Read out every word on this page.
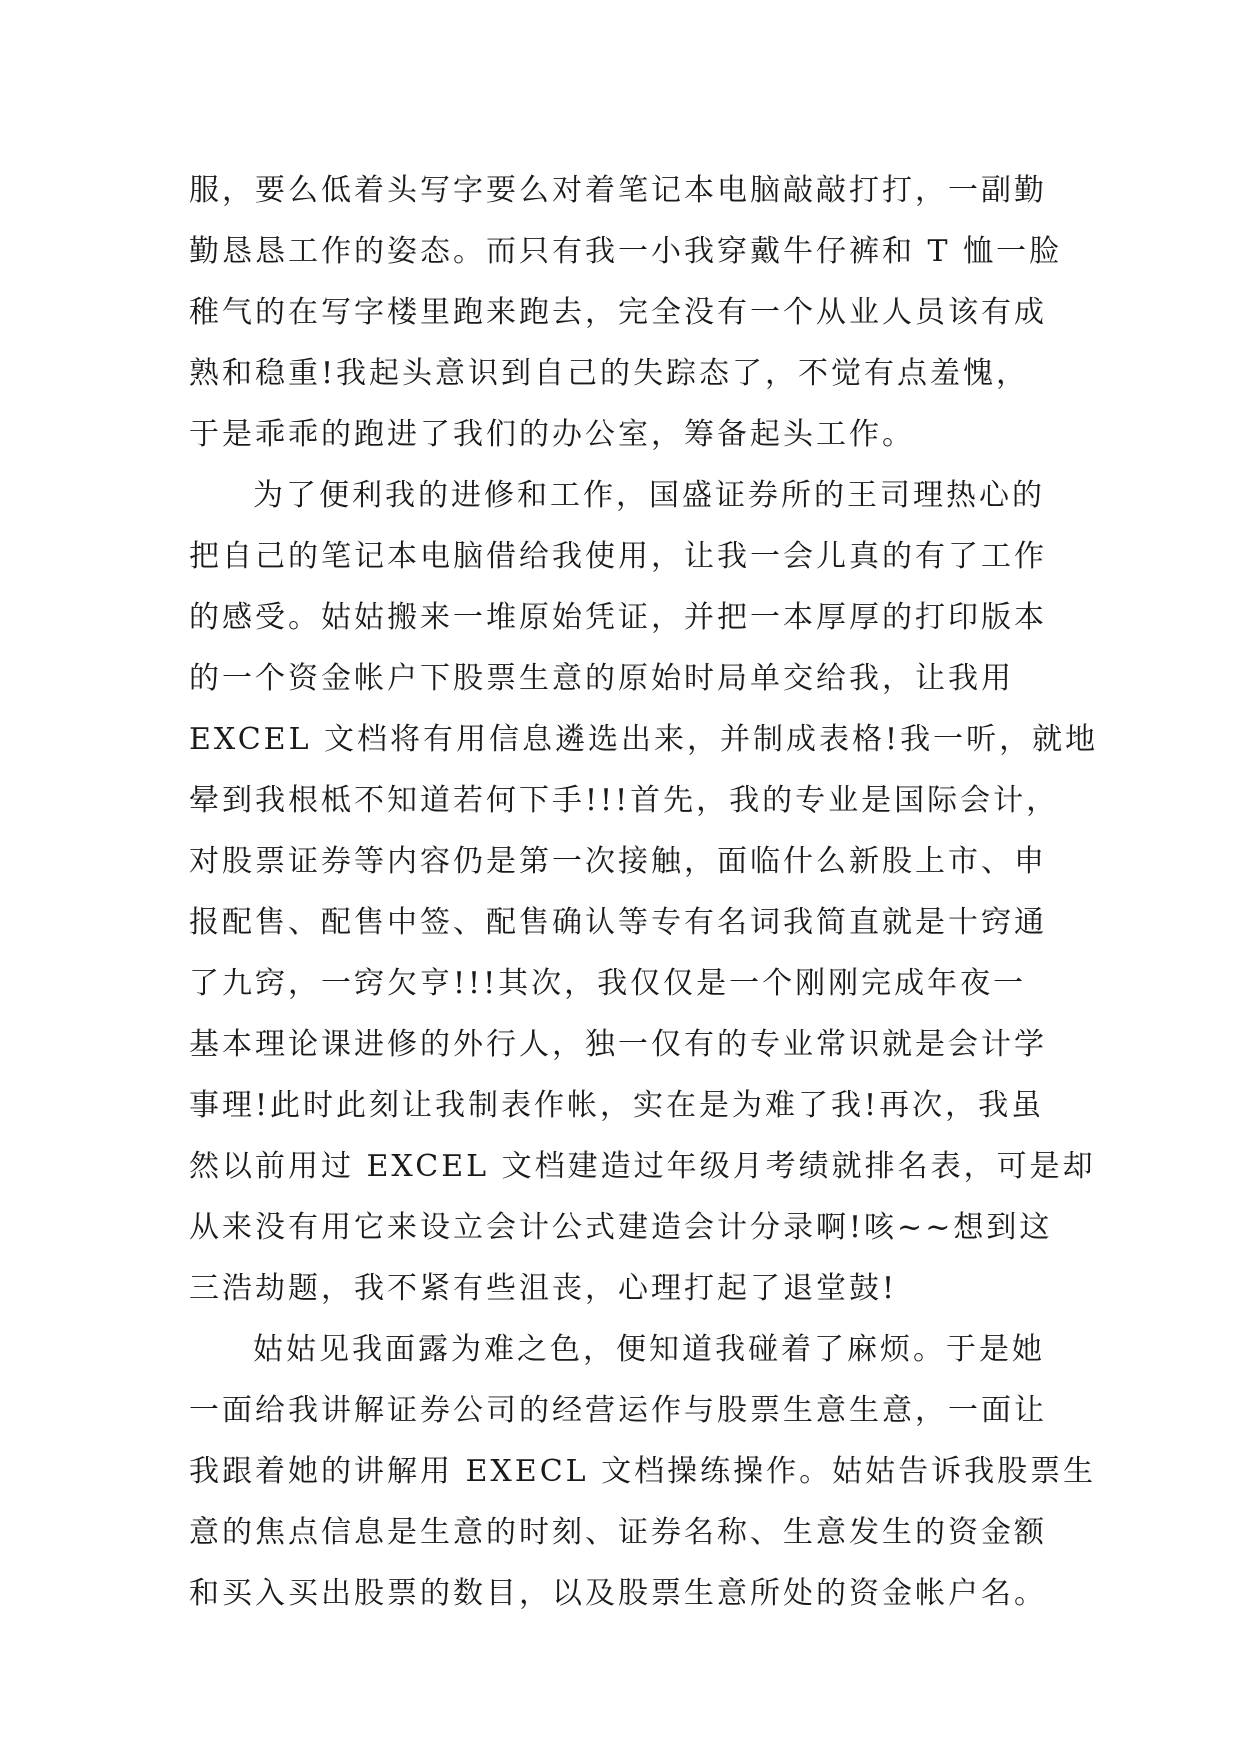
服，要么低着头写字要么对着笔记本电脑敲敲打打，一副勤
勤恳恳工作的姿态。而只有我一小我穿戴牛仔裤和 T 恤一脸
稚气的在写字楼里跑来跑去，完全没有一个从业人员该有成
熟和稳重!我起头意识到自己的失踪态了，不觉有点羞愧，
于是乖乖的跑进了我们的办公室，筹备起头工作。
为了便利我的进修和工作，国盛证券所的王司理热心的
把自己的笔记本电脑借给我使用，让我一会儿真的有了工作
的感受。姑姑搬来一堆原始凭证，并把一本厚厚的打印版本
的一个资金帐户下股票生意的原始时局单交给我，让我用
EXCEL 文档将有用信息遴选出来，并制成表格!我一听，就地
晕到我根柢不知道若何下手!!!首先，我的专业是国际会计，
对股票证券等内容仍是第一次接触，面临什么新股上市、申
报配售、配售中签、配售确认等专有名词我简直就是十窍通
了九窍，一窍欠亨!!!其次，我仅仅是一个刚刚完成年夜一
基本理论课进修的外行人，独一仅有的专业常识就是会计学
事理!此时此刻让我制表作帐，实在是为难了我!再次，我虽
然以前用过 EXCEL 文档建造过年级月考绩就排名表，可是却
从来没有用它来设立会计公式建造会计分录啊!咳~~想到这
三浩劫题，我不紧有些沮丧，心理打起了退堂鼓!
姑姑见我面露为难之色，便知道我碰着了麻烦。于是她
一面给我讲解证券公司的经营运作与股票生意生意，一面让
我跟着她的讲解用 EXECL 文档操练操作。姑姑告诉我股票生
意的焦点信息是生意的时刻、证券名称、生意发生的资金额
和买入买出股票的数目，以及股票生意所处的资金帐户名。
